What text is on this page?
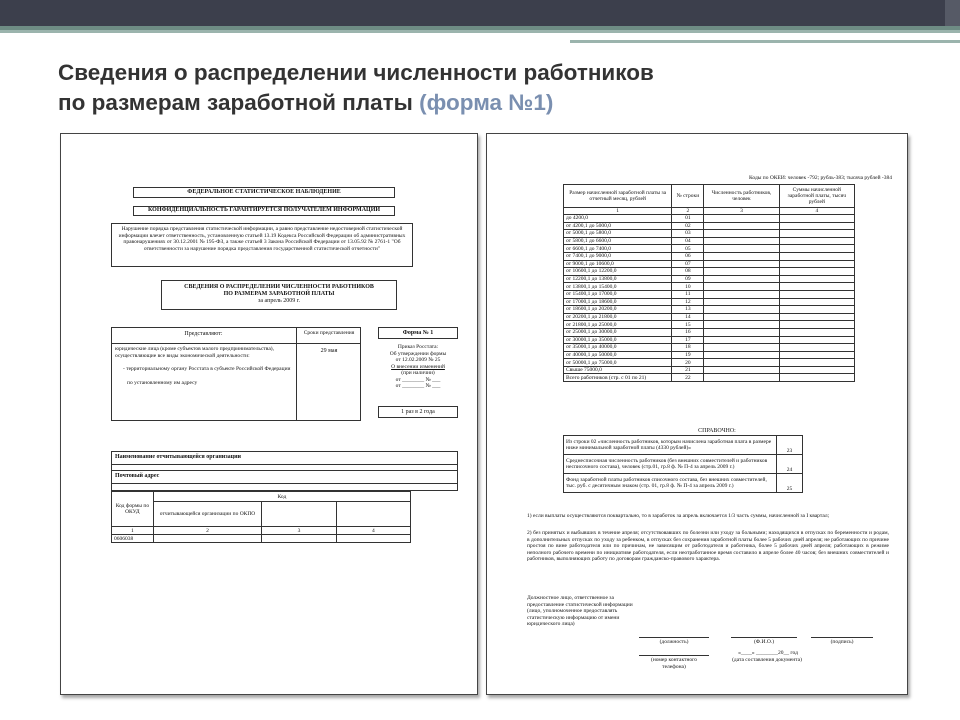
Сведения о распределении численности работников
по размерам заработной платы (форма №1)
ФЕДЕРАЛЬНОЕ СТАТИСТИЧЕСКОЕ НАБЛЮДЕНИЕ
КОНФИДЕНЦИАЛЬНОСТЬ ГАРАНТИРУЕТСЯ ПОЛУЧАТЕЛЕМ ИНФОРМАЦИИ
Нарушение порядка представления статистической информации, а равно представление недостоверной статистической информации влечет ответственность, установленную статьей 13.19 Кодекса Российской Федерации об административных правонарушениях от 30.12.2001 № 195-ФЗ, а также статьей 3 Закона Российской Федерации от 13.05.92 № 2761-1 "Об ответственности за нарушение порядка представления государственной статистической отчетности"
СВЕДЕНИЯ О РАСПРЕДЕЛЕНИИ ЧИСЛЕННОСТИ РАБОТНИКОВ
ПО РАЗМЕРАМ ЗАРАБОТНОЙ ПЛАТЫ
за апрель 2009 г.
Представляют:	Сроки представления
юридические лица (кроме субъектов малого предпринимательства), осуществляющие все виды экономической деятельности:
- территориальному органу Росстата в субъекте Российской Федерации
по установленному им адресу
29 мая
Форма № 1
Приказ Росстата:
Об утверждении формы
от 12.02.2009 № 25
О внесении изменений
(при наличии)
от ________ № ___
от ________ № ___
1 раз в 2 года
Наименование отчитывающейся организации
Почтовый адрес
Код формы по ОКУД	Код		
	отчитывающейся организации по ОКПО		
1	2	3	4
0606038			
Коды по ОКЕИ: человек -792; рубль-383; тысяча рублей -384
Размер начисленной заработной платы за отчетный месяц, рублей	№ строки	Численность работников, человек	Суммы начисленной заработной платы, тысяч рублей
1	2	3	4
до 4200,0	01		
от 4200,1 до 5000,0	02		
от 5000,1 до 5800,0	03		
от 5800,1 до 6600,0	04		
от 6600,1 до 7400,0	05		
от 7400,1 до 9000,0	06		
от 9000,1 до 10600,0	07		
от 10600,1 до 12200,0	08		
от 12200,1 до 13800,0	09		
от 13800,1 до 15400,0	10		
от 15400,1 до 17000,0	11		
от 17000,1 до 18600,0	12		
от 18600,1 до 20200,0	13		
от 20200,1 до 21800,0	14		
от 21800,1 до 25000,0	15		
от 25000,1 до 30000,0	16		
от 30000,1 до 35000,0	17		
от 35000,1 до 40000,0	18		
от 40000,1 до 50000,0	19		
от 50000,1 до 75000,0	20		
Свыше 75000,0	21		
Всего работников (стр. с 01 по 21)	22		
СПРАВОЧНО:
Из строки 02 «численность работников, которым начислена заработная плата в размере ниже минимальной заработной платы (4330 рублей)»	23
Среднесписочная численность работников (без внешних совместителей и работников несписочного состава), человек (стр.01, гр.8 ф. № П-4 за апрель 2009 г.)	24
Фонд заработной платы работников списочного состава, без внешних совместителей, тыс. руб. с десятичным знаком (стр. 01, гр.8 ф. № П-4 за апрель 2009 г.)	25
1) если выплаты осуществляются поквартально, то в заработок за апрель включается 1/3 часть суммы, начисленной за I квартал;
2) без принятых и выбывших в течение апреля; отсутствовавших по болезни или уходу за больными; находящихся в отпусках по беременности и родам, в дополнительных отпусках по уходу за ребенком, в отпусках без сохранения заработной платы более 5 рабочих дней апреля; не работающих по причине простоя по вине работодателя или по причинам, не зависящим от работодателя и работника, более 5 рабочих дней апреля; работающих в режиме неполного рабочего времени по инициативе работодателя, если неотработанное время составило в апреле более 40 часов; без внешних совместителей и работников, выполняющих работу по договорам гражданско-правового характера.
Должностное лицо, ответственное за предоставление статистической информации (лицо, уполномоченное предоставлять статистическую информацию от имени юридического лица)
(должность)	(Ф.И.О.)	(подпись)
(номер контактного телефона)
«____» ________20__ год
(дата составления документа)
